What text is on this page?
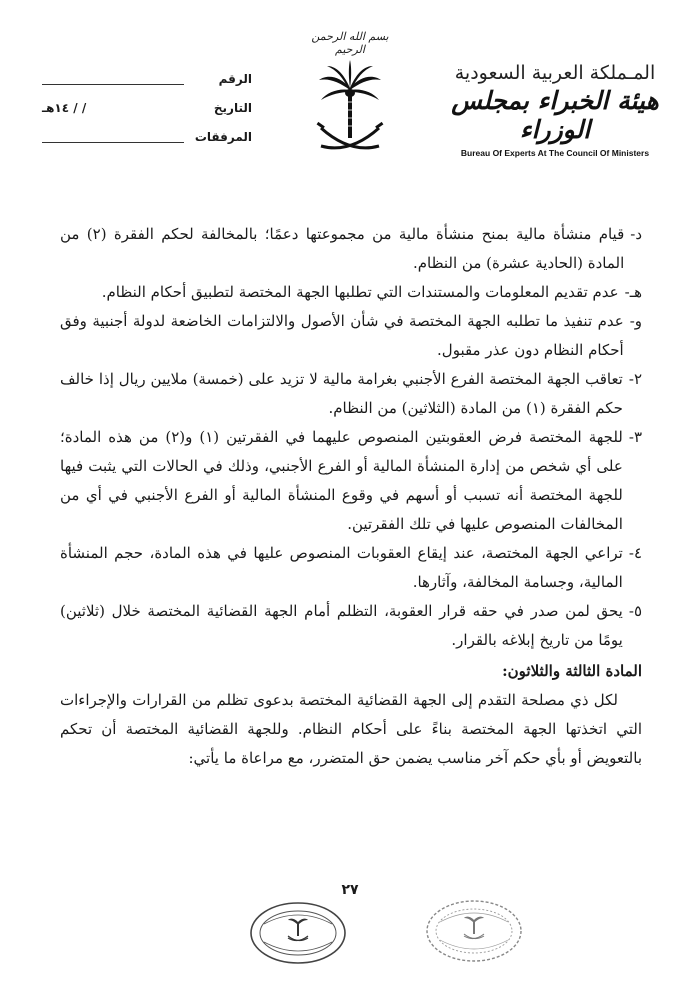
المـملكة العربية السعودية
هيئة الخبراء بمجلس الوزراء
Bureau Of Experts At The Council Of Ministers
بسم الله الرحمن الرحيم
الرقم
التاريخ
/ / ١٤هـ
المرفقات
د-
قيام منشأة مالية بمنح منشأة مالية من مجموعتها دعمًا؛ بالمخالفة لحكم الفقرة (٢) من المادة (الحادية عشرة) من النظام.
هـ-
عدم تقديم المعلومات والمستندات التي تطلبها الجهة المختصة لتطبيق أحكام النظام.
و-
عدم تنفيذ ما تطلبه الجهة المختصة في شأن الأصول والالتزامات الخاضعة لدولة أجنبية وفق أحكام النظام دون عذر مقبول.
٢-
تعاقب الجهة المختصة الفرع الأجنبي بغرامة مالية لا تزيد على (خمسة) ملايين ريال إذا خالف حكم الفقرة (١) من المادة (الثلاثين) من النظام.
٣-
للجهة المختصة فرض العقوبتين المنصوص عليهما في الفقرتين (١) و(٢) من هذه المادة؛ على أي شخص من إدارة المنشأة المالية أو الفرع الأجنبي، وذلك في الحالات التي يثبت فيها للجهة المختصة أنه تسبب أو أسهم في وقوع المنشأة المالية أو الفرع الأجنبي في أي من المخالفات المنصوص عليها في تلك الفقرتين.
٤-
تراعي الجهة المختصة، عند إيقاع العقوبات المنصوص عليها في هذه المادة، حجم المنشأة المالية، وجسامة المخالفة، وآثارها.
٥-
يحق لمن صدر في حقه قرار العقوبة، التظلم أمام الجهة القضائية المختصة خلال (ثلاثين) يومًا من تاريخ إبلاغه بالقرار.
المادة الثالثة والثلاثون:
لكل ذي مصلحة التقدم إلى الجهة القضائية المختصة بدعوى تظلم من القرارات والإجراءات التي اتخذتها الجهة المختصة بناءً على أحكام النظام. وللجهة القضائية المختصة أن تحكم بالتعويض أو بأي حكم آخر مناسب يضمن حق المتضرر، مع مراعاة ما يأتي:
٢٧
